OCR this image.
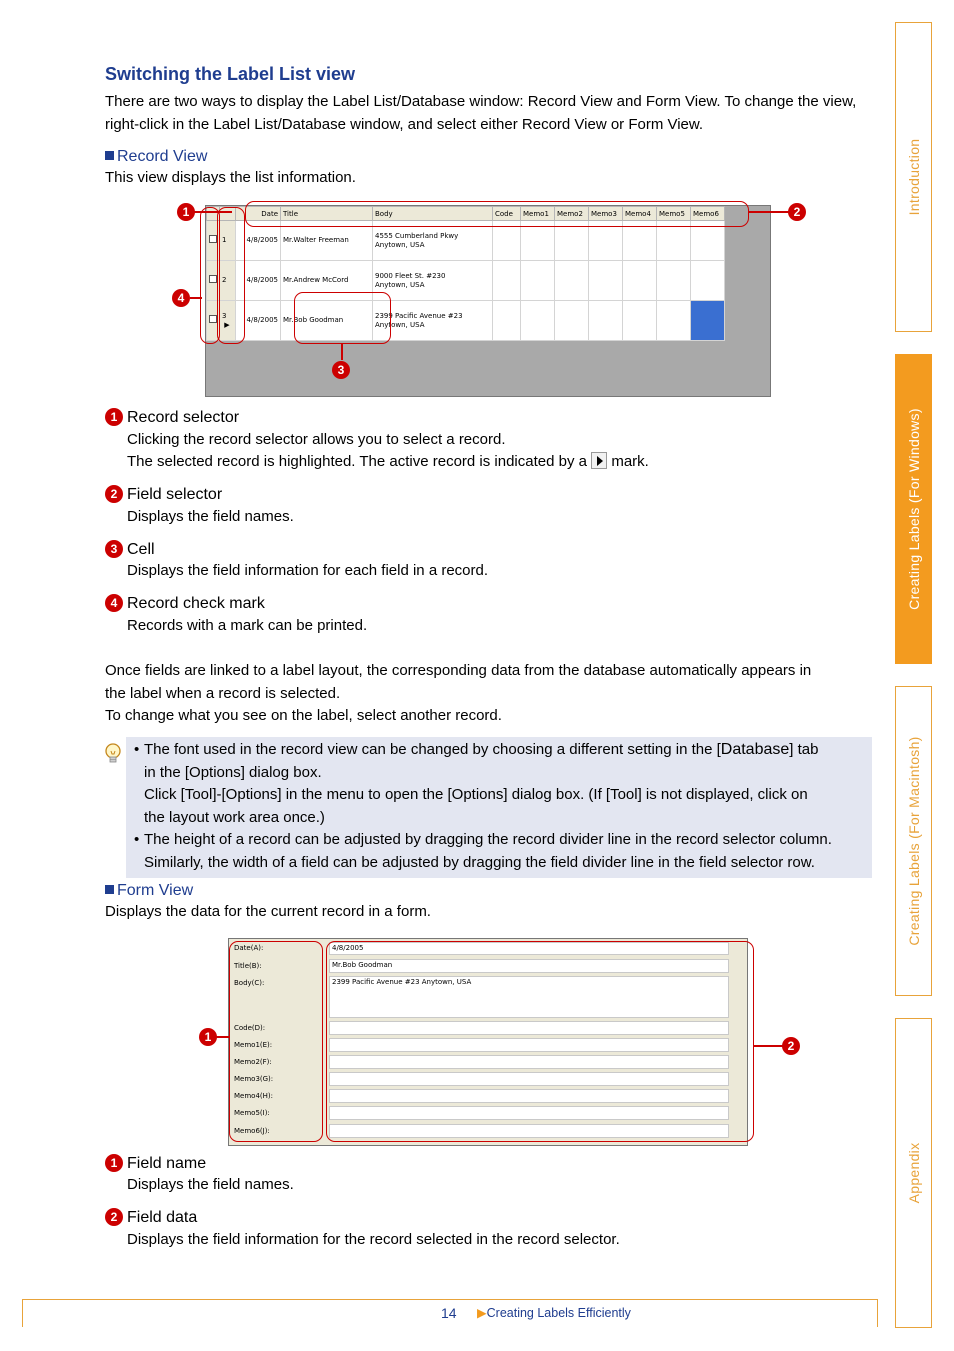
Introduction
Creating Labels (For Windows)
Creating Labels (For Macintosh)
Appendix
Switching the Label List view

There are two ways to display the Label List/Database window: Record View and Form View. To change the view, right-click in the Label List/Database window, and select either Record View or Form View.

Record View

This view displays the list information.

		Date	Title	Body	Code	Memo1	Memo2	Memo3	Memo4	Memo5	Memo6
	1	4/8/2005	Mr.Walter Freeman	4555 Cumberland Pkwy
Anytown, USA							
	2	4/8/2005	Mr.Andrew McCord	9000 Fleet St. #230
Anytown, USA							
	3  ▶	4/8/2005	Mr.Bob Goodman	2399 Pacific Avenue #23
Anytown, USA							
1	2
3
4
1 Record selector
Clicking the record selector allows you to select a record.
The selected record is highlighted. The active record is indicated by a mark.
2 Field selector
Displays the field names.
3 Cell
Displays the field information for each field in a record.
4 Record check mark
Records with a mark can be printed.

Once fields are linked to a label layout, the corresponding data from the database automatically appears in

the label when a record is selected.

To change what you see on the label, select another record.

• The font used in the record view can be changed by choosing a different setting in the [Database] tab
in the [Options] dialog box.
Click [Tool]-[Options] in the menu to open the [Options] dialog box. (If [Tool] is not displayed, click on
the layout work area once.)
• The height of a record can be adjusted by dragging the record divider line in the record selector column.
Similarly, the width of a field can be adjusted by dragging the field divider line in the field selector row.
Form View

Displays the data for the current record in a form.

Date(A):	4/8/2005
Title(B):	Mr.Bob Goodman
Body(C):	2399 Pacific Avenue #23 Anytown, USA
Code(D):
Memo1(E):
Memo2(F):
Memo3(G):
Memo4(H):
Memo5(I):
Memo6(J):
1
2
1 Field name
Displays the field names.
2 Field data
Displays the field information for the record selected in the record selector.
14 ▶Creating Labels Efficiently
